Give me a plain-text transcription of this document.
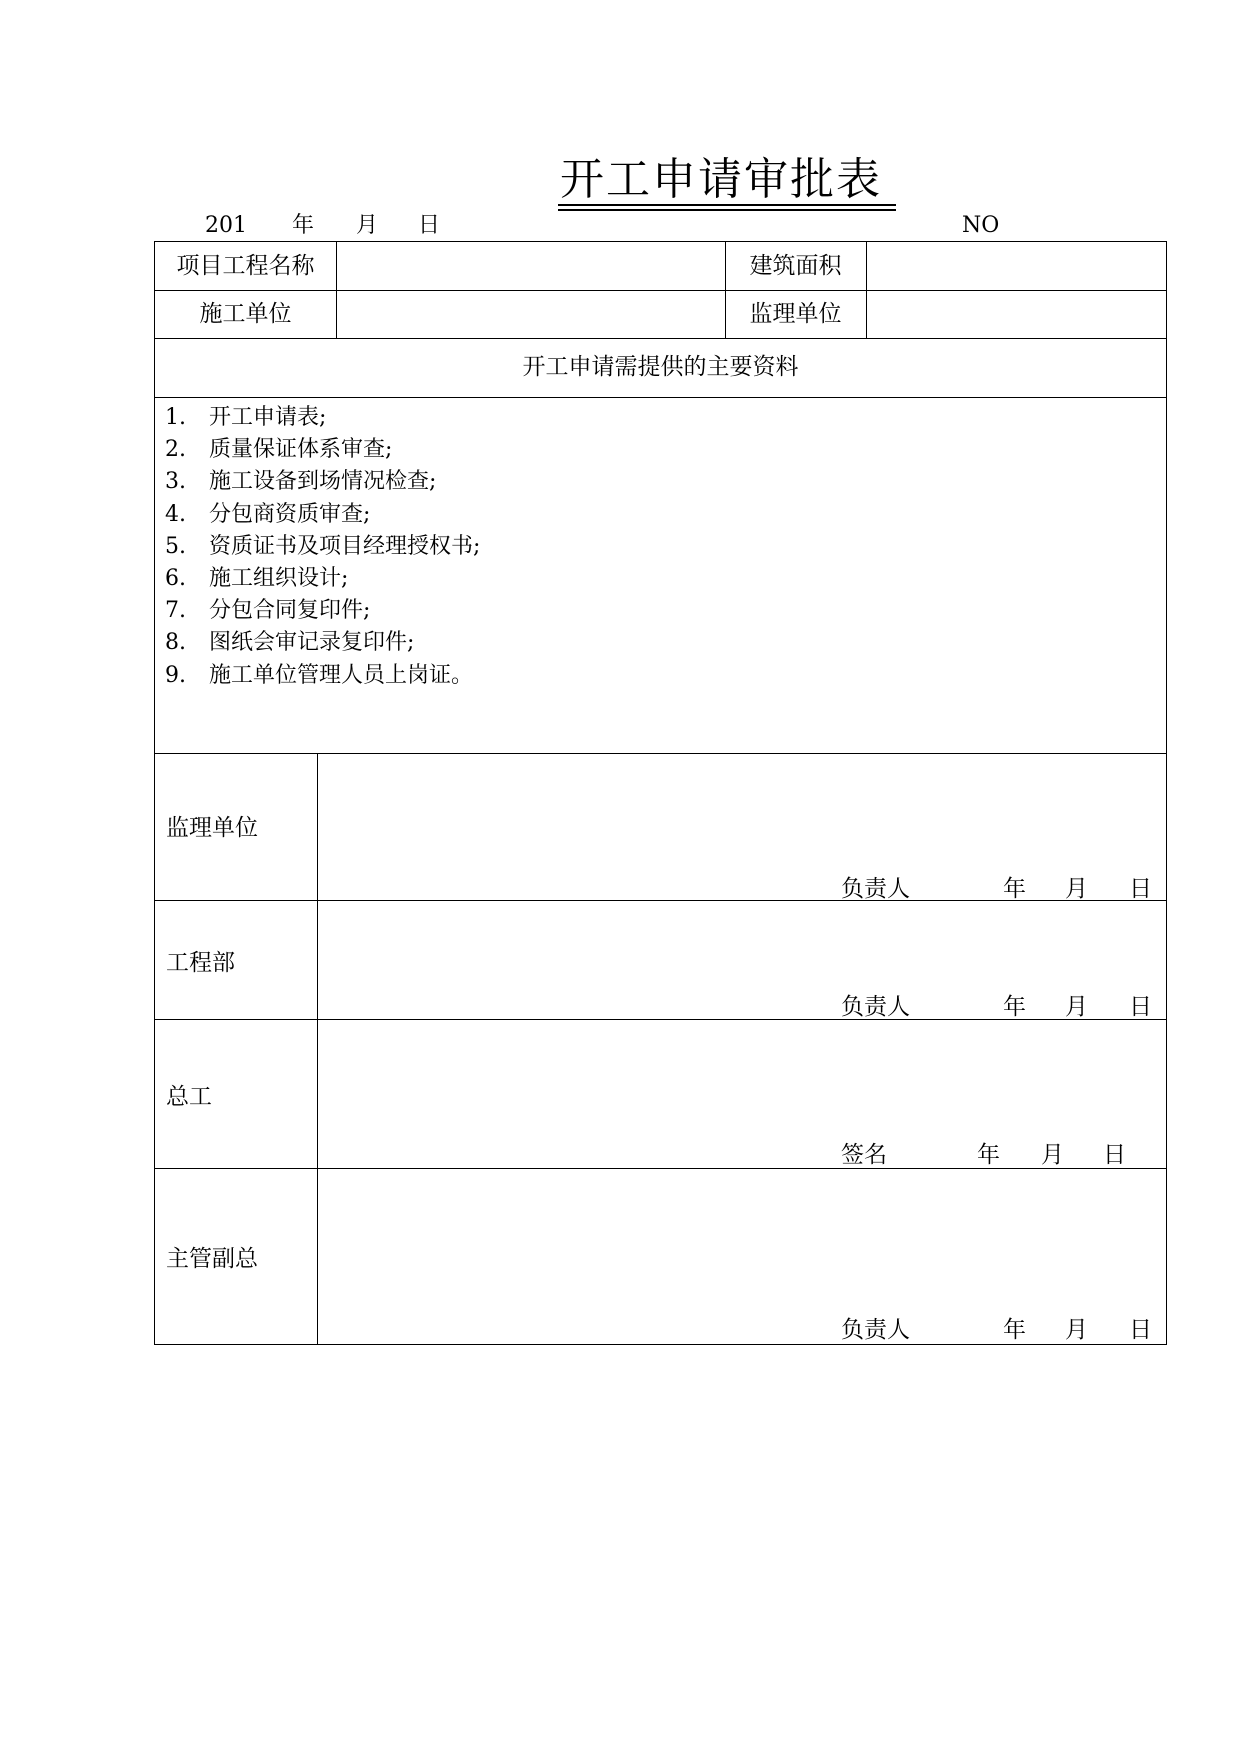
开工申请审批表
201 年 月 日	NO
项目工程名称	建筑面积
施工单位	监理单位
开工申请需提供的主要资料
1. 开工申请表;
2. 质量保证体系审查;
3. 施工设备到场情况检查;
4. 分包商资质审查;
5. 资质证书及项目经理授权书;
6. 施工组织设计;
7. 分包合同复印件;
8. 图纸会审记录复印件;
9. 施工单位管理人员上岗证。
监理单位
负责人	年 月 日
工程部
负责人	年 月 日
总工
签名	年 月 日
主管副总
负责人	年 月 日
